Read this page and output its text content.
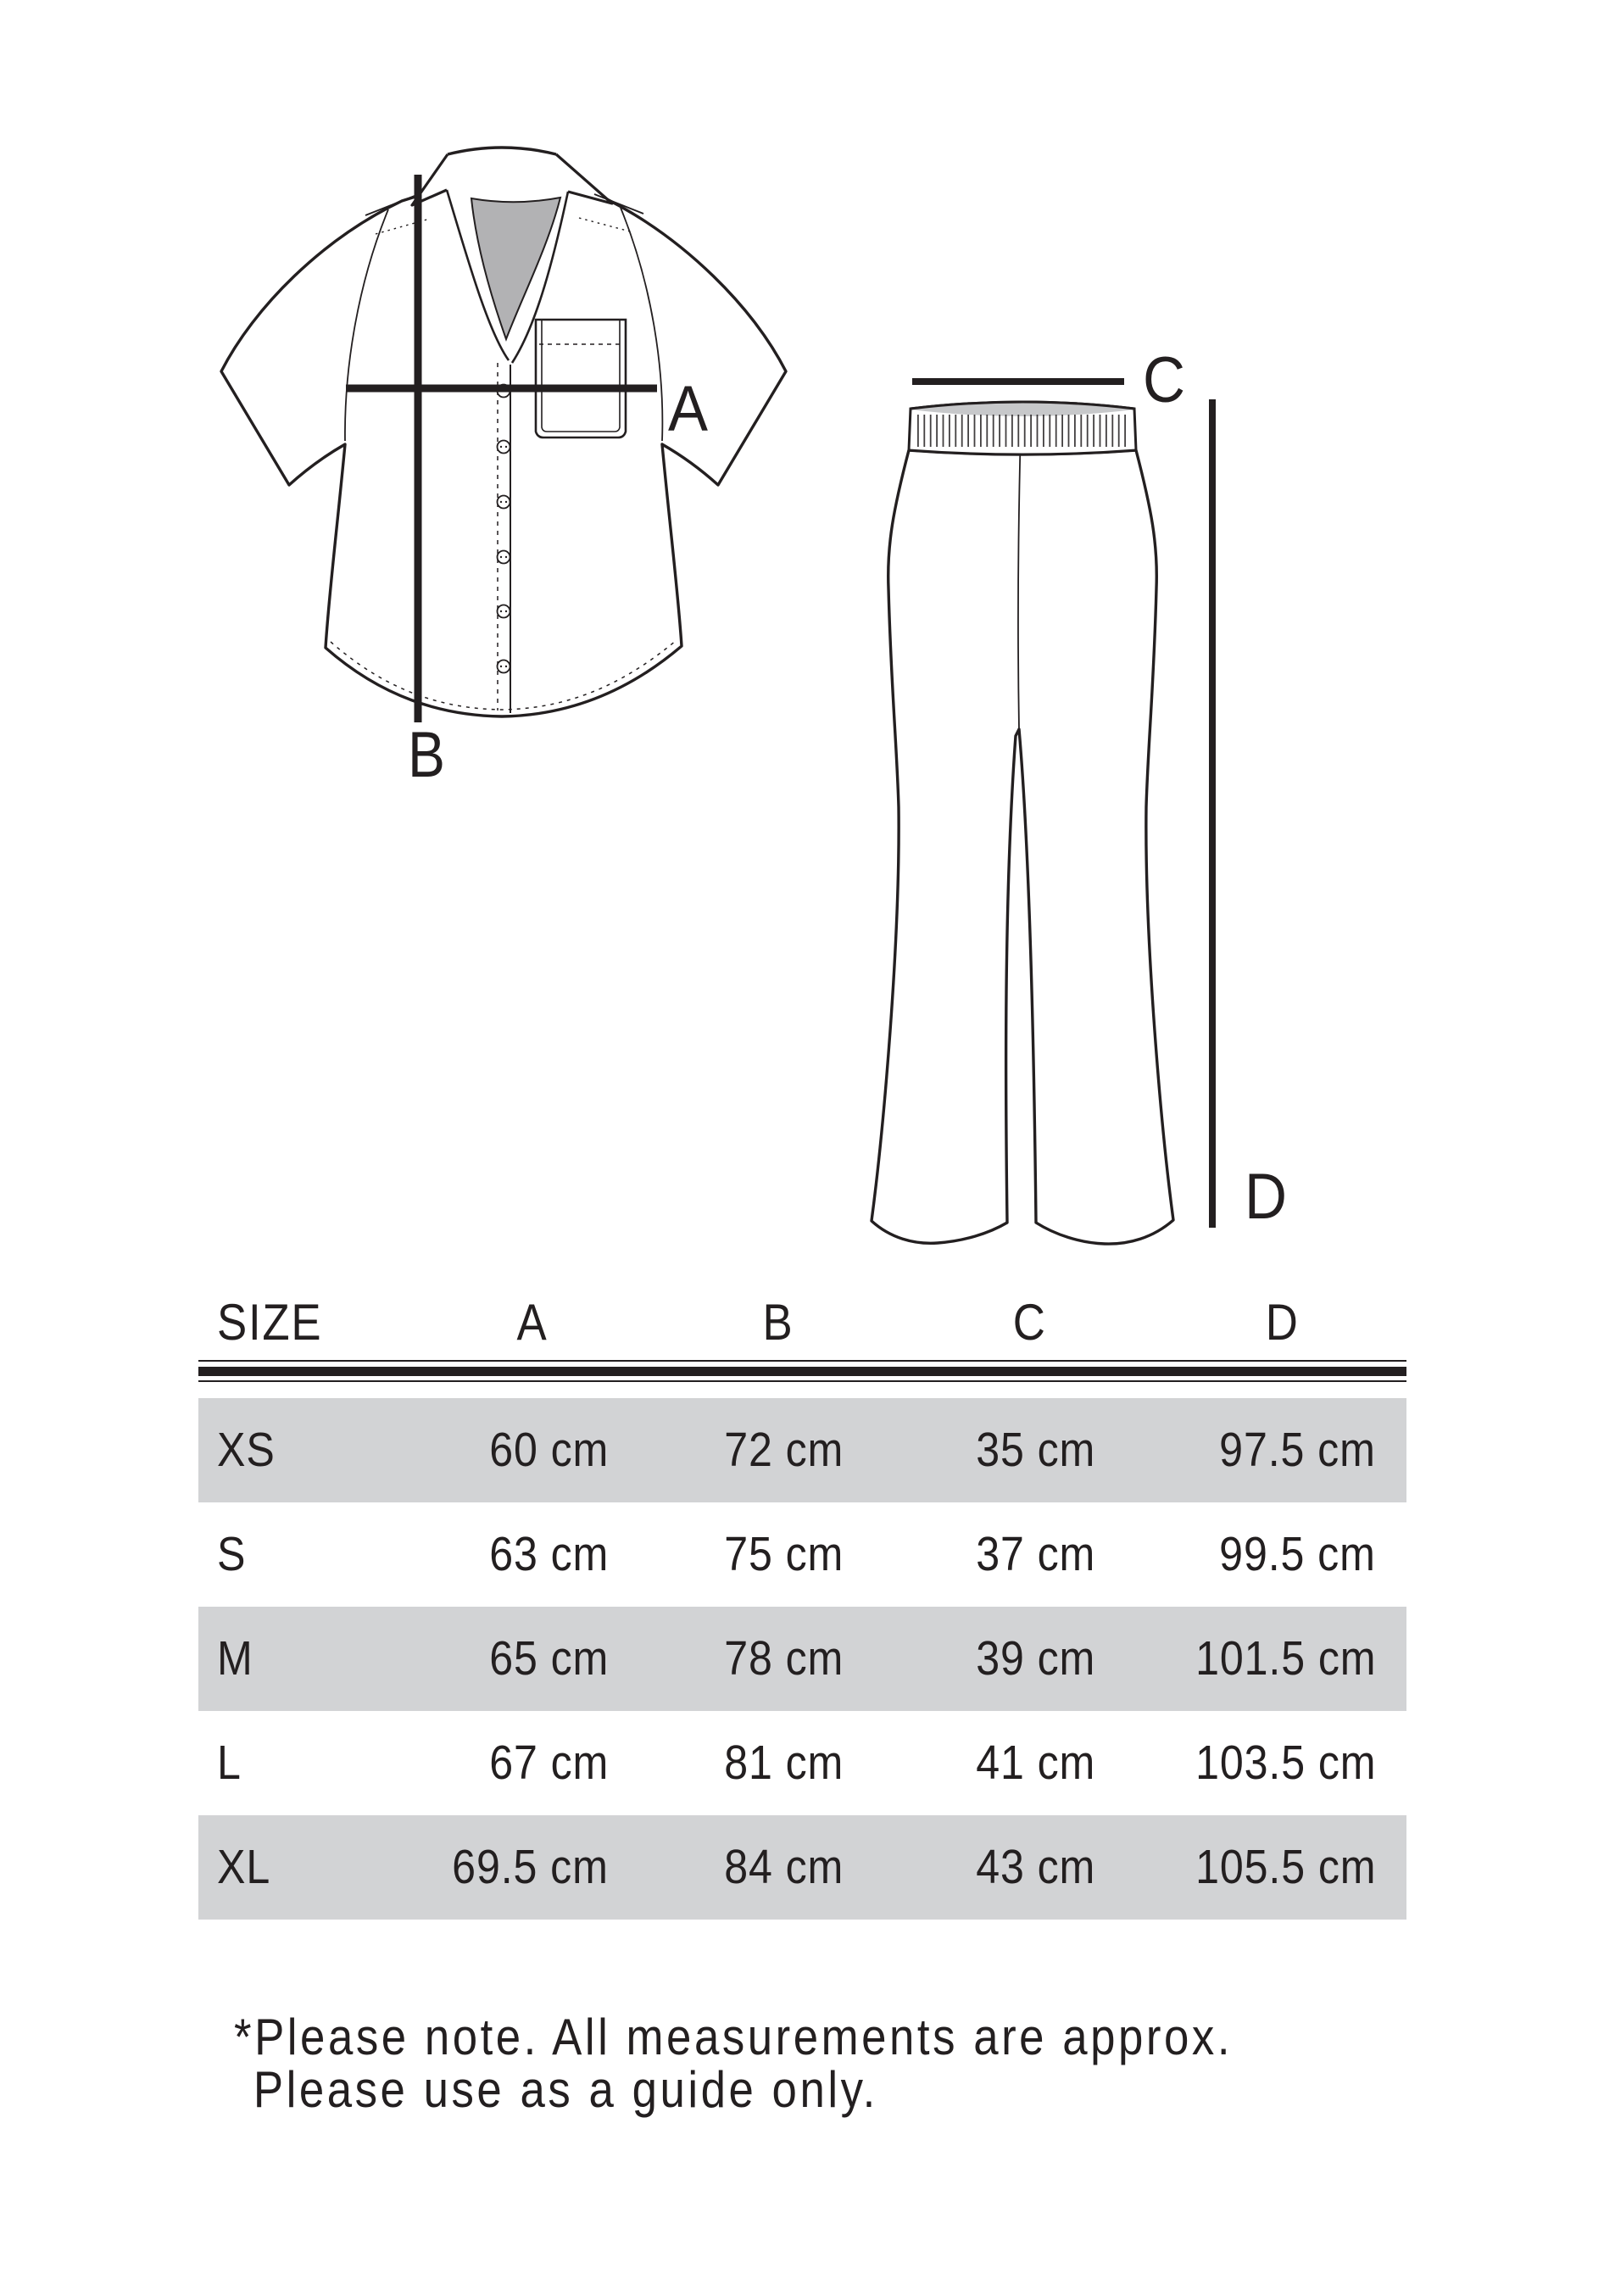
A
B
C
D
SIZE	A	B	C	D
XS	60 cm	72 cm	35 cm	97.5 cm
S	63 cm	75 cm	37 cm	99.5 cm
M	65 cm	78 cm	39 cm	101.5 cm
L	67 cm	81 cm	41 cm	103.5 cm
XL	69.5 cm	84 cm	43 cm	105.5 cm
*Please note. All measurements are approx.
Please use as a guide only.
